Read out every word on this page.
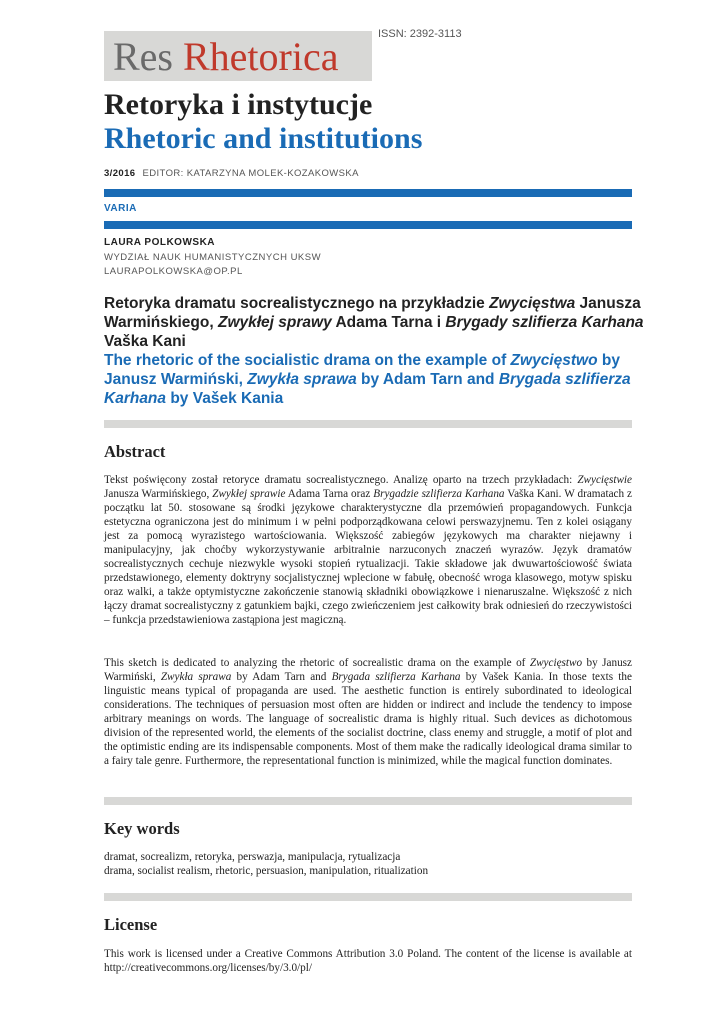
Res Rhetorica	ISSN: 2392-3113
Retoryka i instytucje
Rhetoric and institutions
3/2016 EDITOR: KATARZYNA MOLEK-KOZAKOWSKA
VARIA
LAURA POLKOWSKA
WYDZIAŁ NAUK HUMANISTYCZNYCH UKSW
LAURAPOLKOWSKA@OP.PL
Retoryka dramatu socrealistycznego na przykładzie Zwycięstwa Janusza Warmińskiego, Zwykłej sprawy Adama Tarna i Brygady szlifierza Karhana Vaška Kani
The rhetoric of the socialistic drama on the example of Zwycięstwo by Janusz Warmiński, Zwykła sprawa by Adam Tarn and Brygada szlifierza Karhana by Vašek Kania
Abstract
Tekst poświęcony został retoryce dramatu socrealistycznego. Analizę oparto na trzech przykładach: Zwycięstwie Janusza Warmińskiego, Zwykłej sprawie Adama Tarna oraz Brygadzie szlifierza Karhana Vaška Kani. W dramatach z początku lat 50. stosowane są środki językowe charakterystyczne dla przemówień propagandowych. Funkcja estetyczna ograniczona jest do minimum i w pełni podporządkowana celowi perswazyjnemu. Ten z kolei osiągany jest za pomocą wyrazistego wartościowania. Większość zabiegów językowych ma charakter niejawny i manipulacyjny, jak choćby wykorzystywanie arbitralnie narzuconych znaczeń wyrazów. Język dramatów socrealistycznych cechuje niezwykle wysoki stopień rytualizacji. Takie składowe jak dwuwartościowość świata przedstawionego, elementy doktryny socjalistycznej wplecione w fabułę, obecność wroga klasowego, motyw spisku oraz walki, a także optymistyczne zakończenie stanowią składniki obowiązkowe i nienaruszalne. Większość z nich łączy dramat socrealistyczny z gatunkiem bajki, czego zwieńczeniem jest całkowity brak odniesień do rzeczywistości – funkcja przedstawieniowa zastąpiona jest magiczną.
This sketch is dedicated to analyzing the rhetoric of socrealistic drama on the example of Zwycięstwo by Janusz Warmiński, Zwykła sprawa by Adam Tarn and Brygada szlifierza Karhana by Vašek Kania. In those texts the linguistic means typical of propaganda are used. The aesthetic function is entirely subordinated to ideological considerations. The techniques of persuasion most often are hidden or indirect and include the tendency to impose arbitrary meanings on words. The language of socrealistic drama is highly ritual. Such devices as dichotomous division of the represented world, the elements of the socialist doctrine, class enemy and struggle, a motif of plot and the optimistic ending are its indispensable components. Most of them make the radically ideological drama similar to a fairy tale genre. Furthermore, the representational function is minimized, while the magical function dominates.
Key words
dramat, socrealizm, retoryka, perswazja, manipulacja, rytualizacja
drama, socialist realism, rhetoric, persuasion, manipulation, ritualization
License
This work is licensed under a Creative Commons Attribution 3.0 Poland. The content of the license is available at http://creativecommons.org/licenses/by/3.0/pl/
